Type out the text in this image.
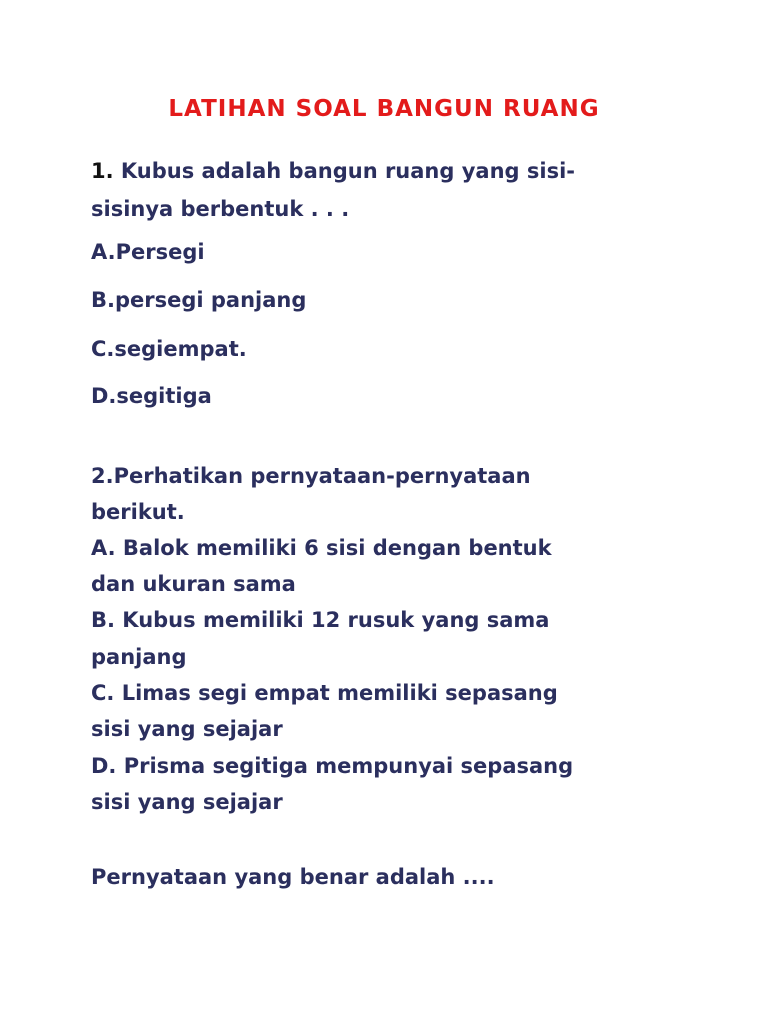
LATIHAN SOAL BANGUN RUANG
1. Kubus adalah bangun ruang yang sisi-
sisinya berbentuk . . .
A.Persegi
B.persegi panjang
C.segiempat.
D.segitiga
2.Perhatikan pernyataan-pernyataan
berikut.
A. Balok memiliki 6 sisi dengan bentuk
dan ukuran sama
B. Kubus memiliki 12 rusuk yang sama
panjang
C. Limas segi empat memiliki sepasang
sisi yang sejajar
D. Prisma segitiga mempunyai sepasang
sisi yang sejajar
Pernyataan yang benar adalah ....
